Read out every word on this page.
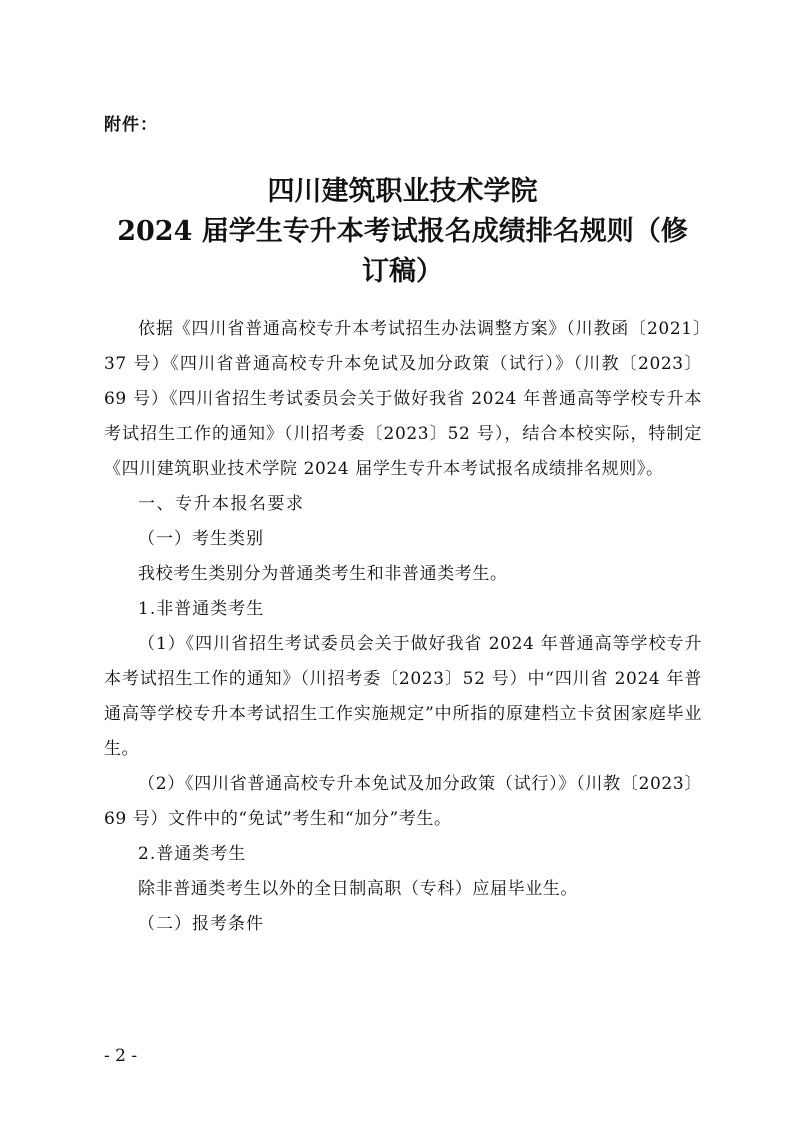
附件：
四川建筑职业技术学院
2024 届学生专升本考试报名成绩排名规则（修
订稿）

依据《四川省普通高校专升本考试招生办法调整方案》（川教函〔2021〕37 号）《四川省普通高校专升本免试及加分政策（试行）》（川教〔2023〕69 号）《四川省招生考试委员会关于做好我省 2024 年普通高等学校专升本考试招生工作的通知》（川招考委〔2023〕52 号），结合本校实际，特制定《四川建筑职业技术学院 2024 届学生专升本考试报名成绩排名规则》。

一、专升本报名要求

（一）考生类别

我校考生类别分为普通类考生和非普通类考生。

1.非普通类考生

（1）《四川省招生考试委员会关于做好我省 2024 年普通高等学校专升本考试招生工作的通知》（川招考委〔2023〕52 号）中“四川省 2024 年普通高等学校专升本考试招生工作实施规定”中所指的原建档立卡贫困家庭毕业生。

（2）《四川省普通高校专升本免试及加分政策（试行）》（川教〔2023〕69 号）文件中的“免试”考生和“加分”考生。

2.普通类考生

除非普通类考生以外的全日制高职（专科）应届毕业生。

（二）报考条件

- 2 -
